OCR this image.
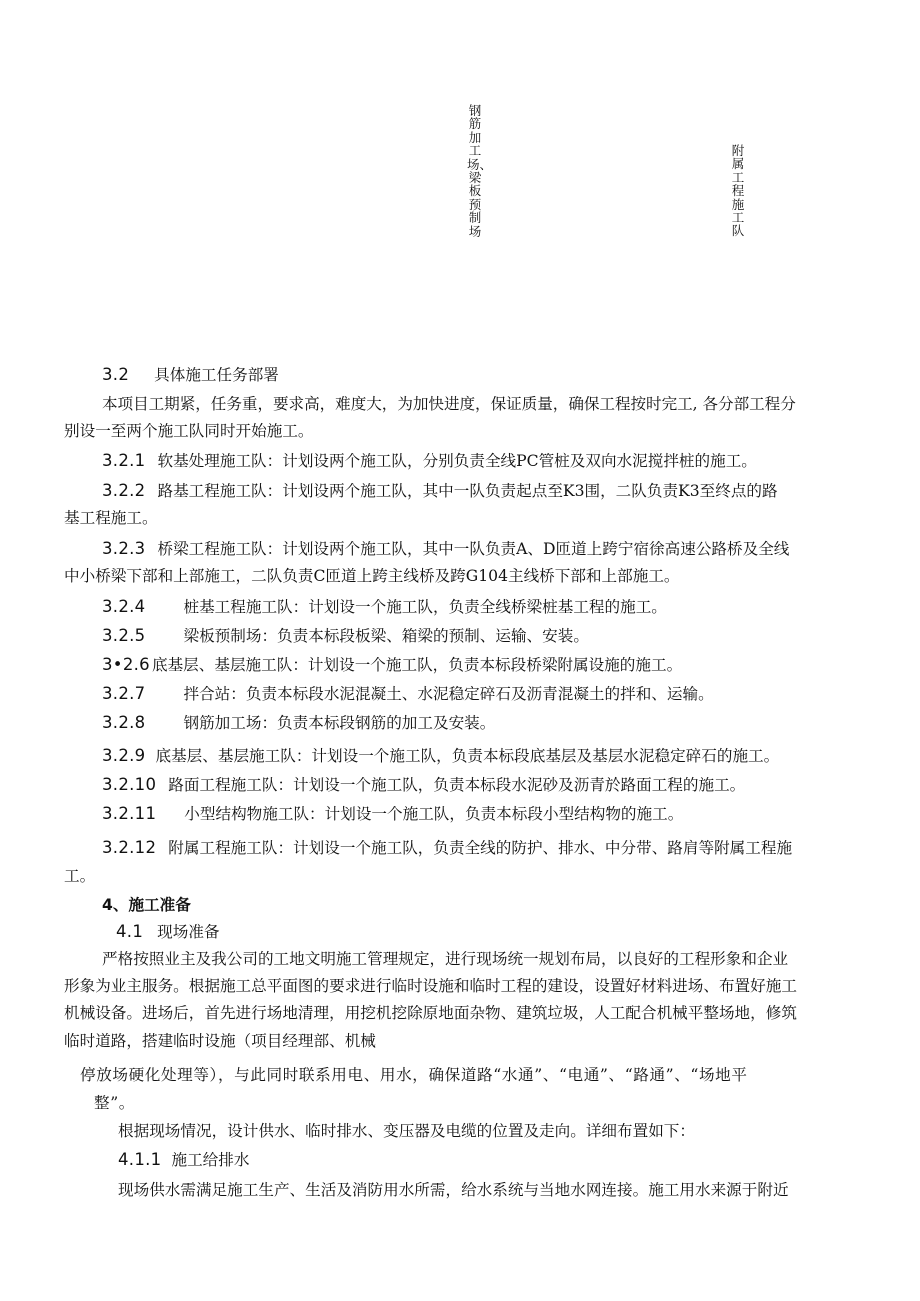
钢筋加工场、梁板预制场
附属工程施工队
3.2 具体施工任务部署
本项目工期紧，任务重，要求高，难度大，为加快进度，保证质量，确保工程按时完工, 各分部工程分
别设一至两个施工队同时开始施工。
3.2.1 软基处理施工队：计划设两个施工队，分别负责全线PC管桩及双向水泥搅拌桩的施工。
3.2.2 路基工程施工队：计划设两个施工队，其中一队负责起点至K3围，二队负责K3至终点的路
基工程施工。
3.2.3 桥梁工程施工队：计划设两个施工队，其中一队负责A、D匝道上跨宁宿徐高速公路桥及全线
中小桥梁下部和上部施工，二队负责C匝道上跨主线桥及跨G104主线桥下部和上部施工。
3.2.4 桩基工程施工队：计划设一个施工队，负责全线桥梁桩基工程的施工。
3.2.5 梁板预制场：负责本标段板梁、箱梁的预制、运输、安装。
3•2.6 底基层、基层施工队：计划设一个施工队，负责本标段桥梁附属设施的施工。
3.2.7 拌合站：负责本标段水泥混凝土、水泥稳定碎石及沥青混凝土的拌和、运输。
3.2.8 钢筋加工场：负责本标段钢筋的加工及安装。
3.2.9 底基层、基层施工队：计划设一个施工队，负责本标段底基层及基层水泥稳定碎石的施工。
3.2.10 路面工程施工队：计划设一个施工队，负责本标段水泥砂及沥青於路面工程的施工。
3.2.11 小型结构物施工队：计划设一个施工队，负责本标段小型结构物的施工。
3.2.12 附属工程施工队：计划设一个施工队，负责全线的防护、排水、中分带、路肩等附属工程施
工。
4、施工准备
4.1 现场准备
严格按照业主及我公司的工地文明施工管理规定，进行现场统一规划布局，以良好的工程形象和企业
形象为业主服务。根据施工总平面图的要求进行临时设施和临时工程的建设，设置好材料进场、布置好施工
机械设备。进场后，首先进行场地清理，用挖机挖除原地面杂物、建筑垃圾，人工配合机械平整场地，修筑
临时道路，搭建临时设施（项目经理部、机械
停放场硬化处理等），与此同时联系用电、用水，确保道路“水通”、“电通”、“路通”、“场地平
整”。
根据现场情况，设计供水、临时排水、变压器及电缆的位置及走向。详细布置如下：
4.1.1 施工给排水
现场供水需满足施工生产、生活及消防用水所需，给水系统与当地水网连接。施工用水来源于附近
